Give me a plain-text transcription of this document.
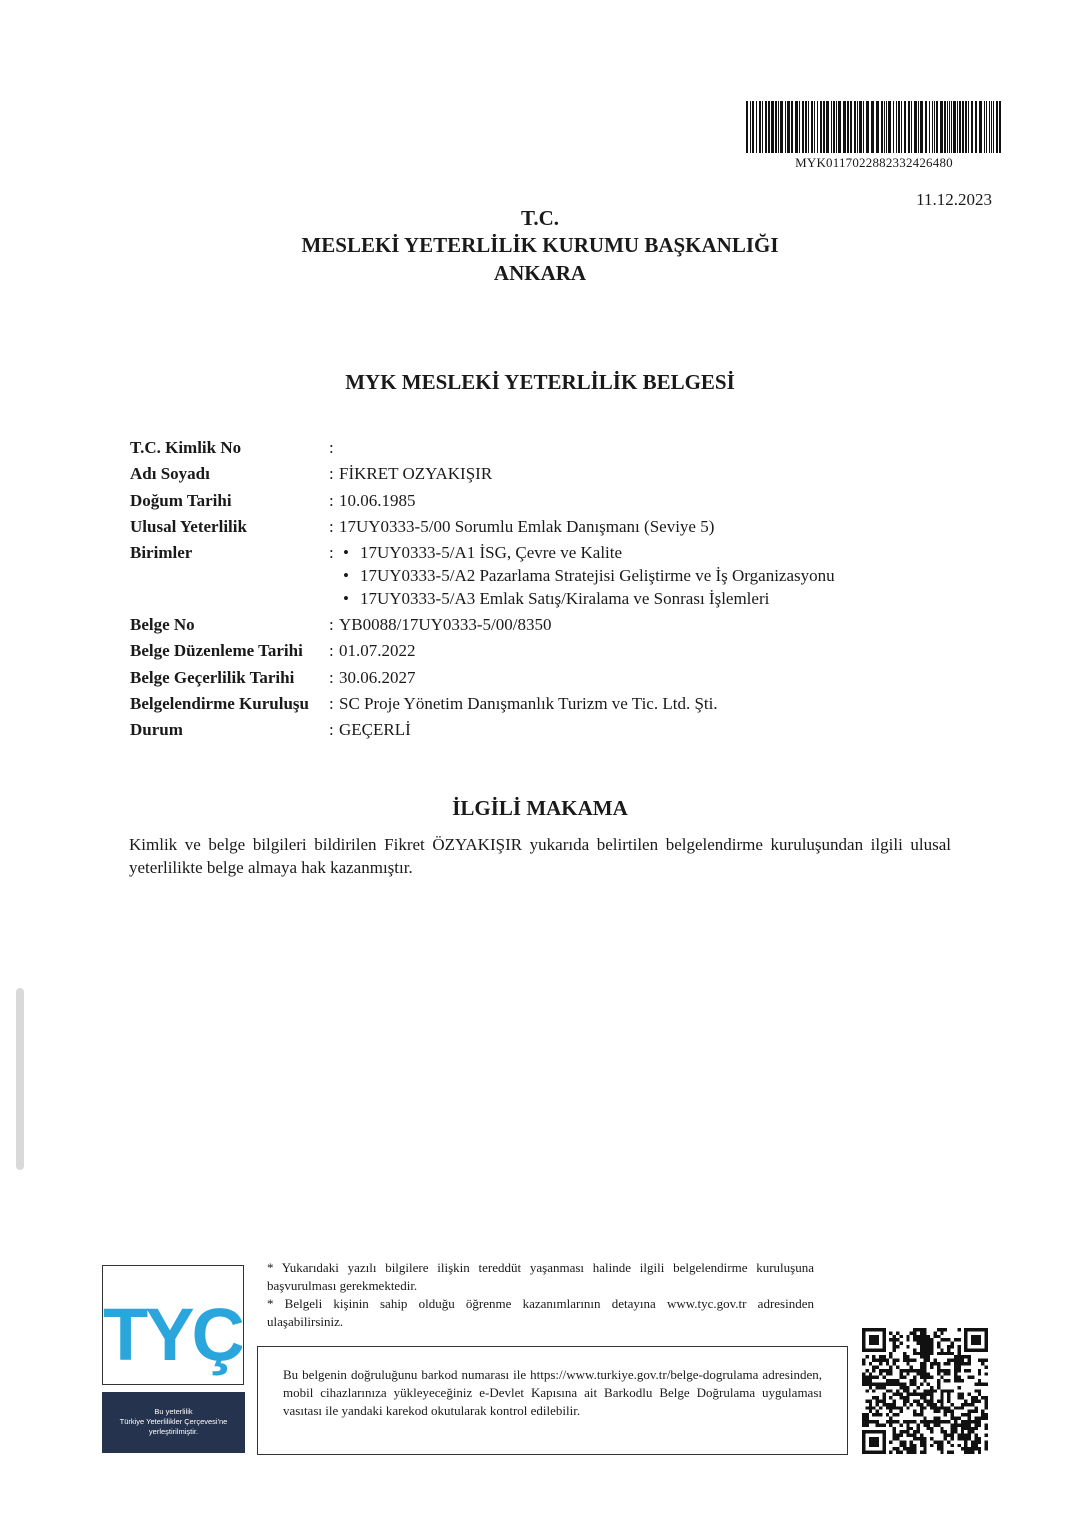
MYK0117022882332426480
11.12.2023
T.C.
MESLEKİ YETERLİLİK KURUMU BAŞKANLIĞI
ANKARA
MYK MESLEKİ YETERLİLİK BELGESİ
T.C. Kimlik No	:
Adı Soyadı	: FİKRET OZYAKIŞIR
Doğum Tarihi	: 10.06.1985
Ulusal Yeterlilik	: 17UY0333-5/00 Sorumlu Emlak Danışmanı (Seviye 5)
Birimler	:
•	17UY0333-5/A1 İSG, Çevre ve Kalite
• 17UY0333-5/A2 Pazarlama Stratejisi Geliştirme ve İş Organizasyonu
• 17UY0333-5/A3 Emlak Satış/Kiralama ve Sonrası İşlemleri
Belge No	: YB0088/17UY0333-5/00/8350
Belge Düzenleme Tarihi : 01.07.2022
Belge Geçerlilik Tarihi : 30.06.2027
Belgelendirme Kuruluşu : SC Proje Yönetim Danışmanlık Turizm ve Tic. Ltd. Şti.
Durum	: GEÇERLİ
İLGİLİ MAKAMA
Kimlik ve belge bilgileri bildirilen Fikret ÖZYAKIŞIR yukarıda belirtilen belgelendirme kuruluşundan ilgili ulusal yeterlilikte belge almaya hak kazanmıştır.
TYÇ
Bu yeterlilik
Türkiye Yeterlilikler Çerçevesi'ne
yerleştirilmiştir.

* Yukarıdaki yazılı bilgilere ilişkin tereddüt yaşanması halinde ilgili belgelendirme kuruluşuna başvurulması gerekmektedir.

* Belgeli kişinin sahip olduğu öğrenme kazanımlarının detayına www.tyc.gov.tr adresinden ulaşabilirsiniz.

Bu belgenin doğruluğunu barkod numarası ile https://www.turkiye.gov.tr/belge-dogrulama adresinden, mobil cihazlarınıza yükleyeceğiniz e-Devlet Kapısına ait Barkodlu Belge Doğrulama uygulaması vasıtası ile yandaki karekod okutularak kontrol edilebilir.
